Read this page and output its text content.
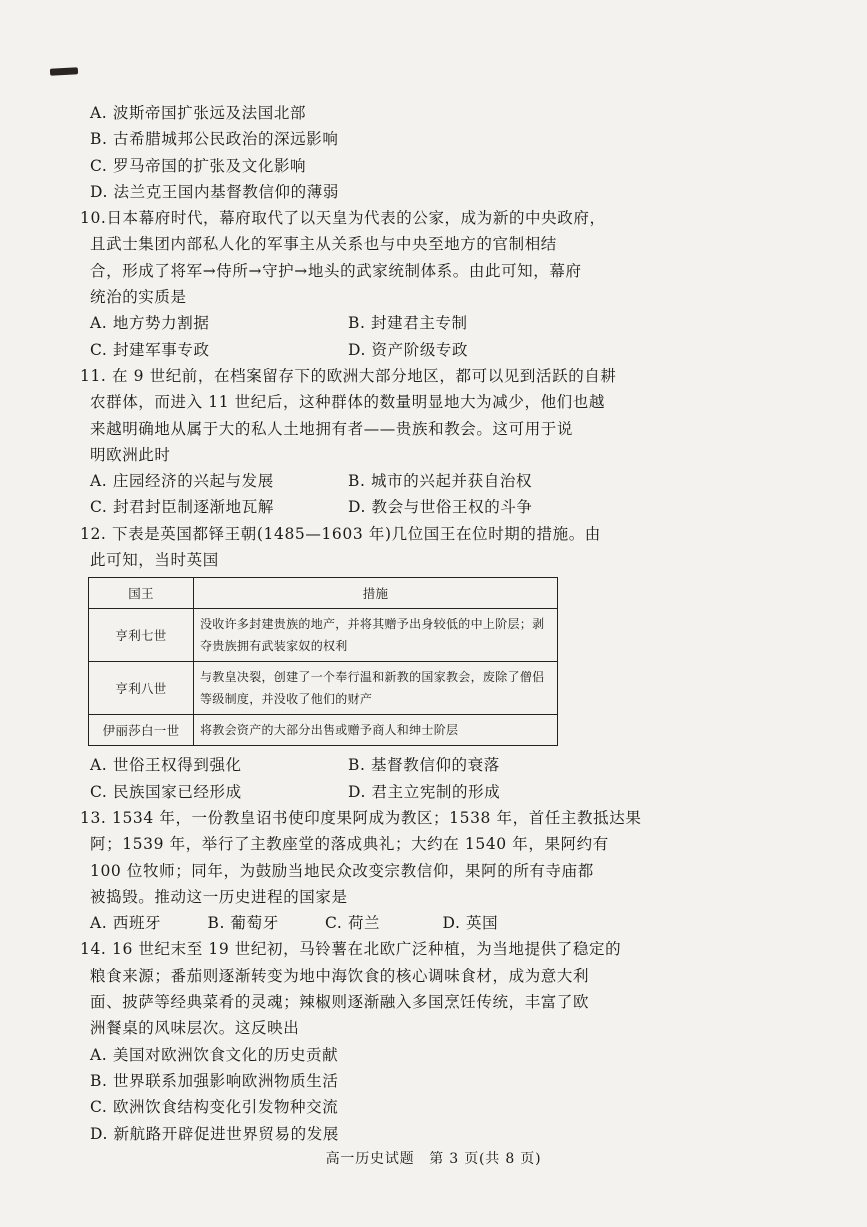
A. 波斯帝国扩张远及法国北部
B. 古希腊城邦公民政治的深远影响
C. 罗马帝国的扩张及文化影响
D. 法兰克王国内基督教信仰的薄弱
10.日本幕府时代，幕府取代了以天皇为代表的公家，成为新的中央政府，
且武士集团内部私人化的军事主从关系也与中央至地方的官制相结
合，形成了将军→侍所→守护→地头的武家统制体系。由此可知，幕府
统治的实质是
A. 地方势力割据	B. 封建君主专制
C. 封建军事专政	D. 资产阶级专政
11. 在 9 世纪前，在档案留存下的欧洲大部分地区，都可以见到活跃的自耕
农群体，而进入 11 世纪后，这种群体的数量明显地大为减少，他们也越
来越明确地从属于大的私人土地拥有者——贵族和教会。这可用于说
明欧洲此时
A. 庄园经济的兴起与发展	B. 城市的兴起并获自治权
C. 封君封臣制逐渐地瓦解	D. 教会与世俗王权的斗争
12. 下表是英国都铎王朝(1485—1603 年)几位国王在位时期的措施。由
此可知，当时英国
国王	措施
亨利七世	没收许多封建贵族的地产，并将其赠予出身较低的中上阶层；剥
夺贵族拥有武装家奴的权利

亨利八世	与教皇决裂，创建了一个奉行温和新教的国家教会，废除了僧侣
等级制度，并没收了他们的财产

伊丽莎白一世	将教会资产的大部分出售或赠予商人和绅士阶层
A. 世俗王权得到强化	B. 基督教信仰的衰落
C. 民族国家已经形成	D. 君主立宪制的形成
13. 1534 年，一份教皇诏书使印度果阿成为教区；1538 年，首任主教抵达果
阿；1539 年，举行了主教座堂的落成典礼；大约在 1540 年，果阿约有
100 位牧师；同年，为鼓励当地民众改变宗教信仰，果阿的所有寺庙都
被捣毁。推动这一历史进程的国家是
A. 西班牙	B. 葡萄牙	C. 荷兰	D. 英国
14. 16 世纪末至 19 世纪初，马铃薯在北欧广泛种植，为当地提供了稳定的
粮食来源；番茄则逐渐转变为地中海饮食的核心调味食材，成为意大利
面、披萨等经典菜肴的灵魂；辣椒则逐渐融入多国烹饪传统，丰富了欧
洲餐桌的风味层次。这反映出
A. 美国对欧洲饮食文化的历史贡献
B. 世界联系加强影响欧洲物质生活
C. 欧洲饮食结构变化引发物种交流
D. 新航路开辟促进世界贸易的发展
高一历史试题　第 3 页(共 8 页)
